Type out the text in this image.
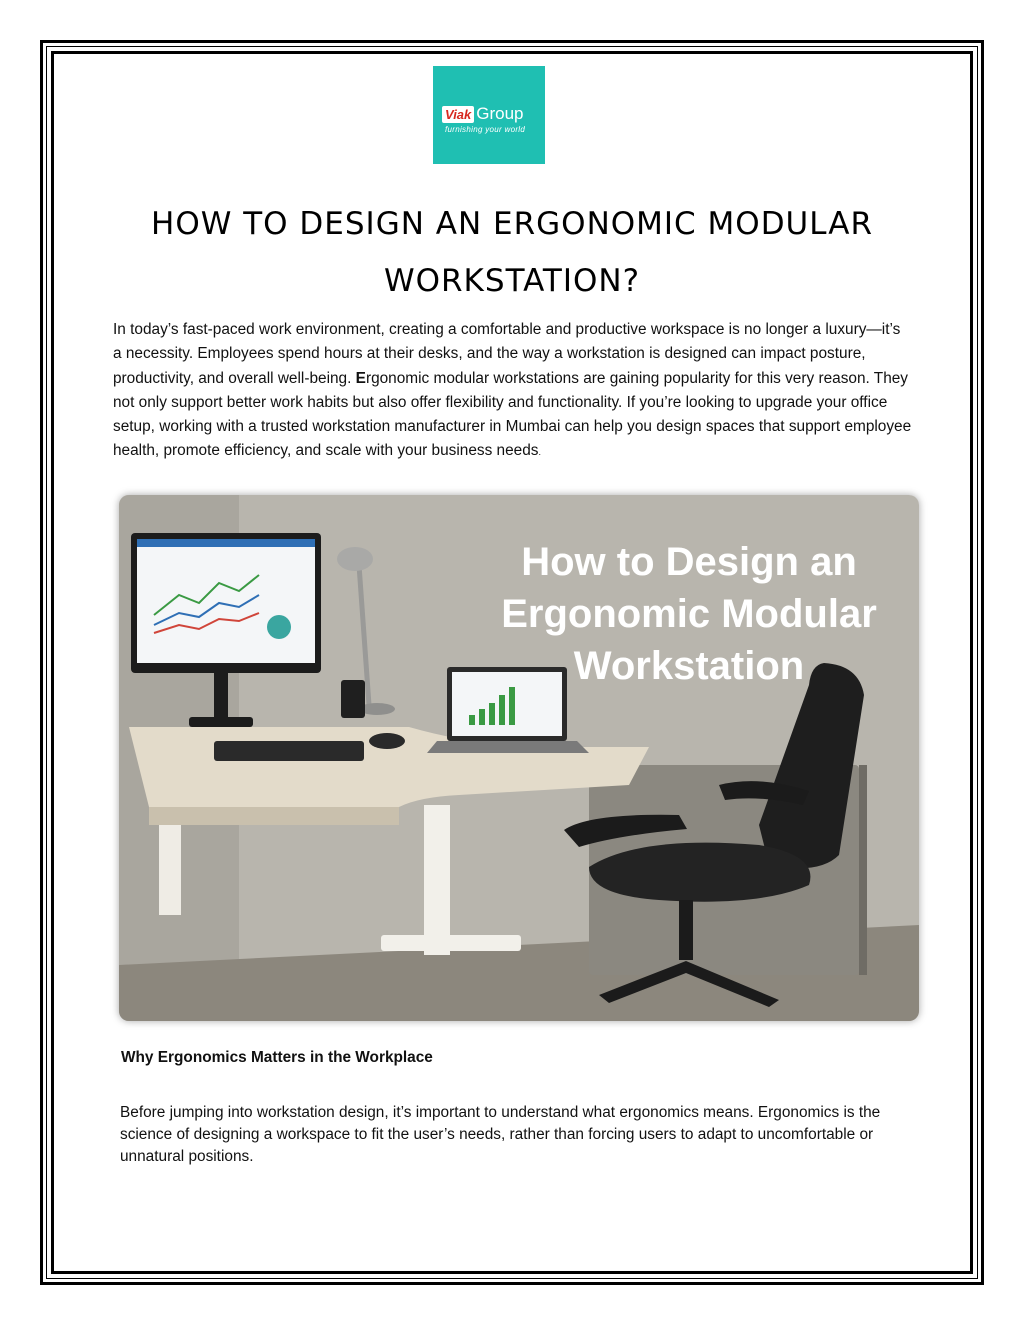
Viak Group
furnishing your world
HOW TO DESIGN AN ERGONOMIC MODULAR
WORKSTATION?

In today’s fast-paced work environment, creating a comfortable and productive workspace is no longer a luxury—it’s a necessity. Employees spend hours at their desks, and the way a workstation is designed can impact posture, productivity, and overall well-being. Ergonomic modular workstations are gaining popularity for this very reason. They not only support better work habits but also offer flexibility and functionality. If you’re looking to upgrade your office setup, working with a trusted workstation manufacturer in Mumbai can help you design spaces that support employee health, promote efficiency, and scale with your business needs.

How to Design an
Ergonomic Modular
Workstation
Why Ergonomics Matters in the Workplace

Before jumping into workstation design, it’s important to understand what ergonomics means. Ergonomics is the science of designing a workspace to fit the user’s needs, rather than forcing users to adapt to uncomfortable or unnatural positions.
